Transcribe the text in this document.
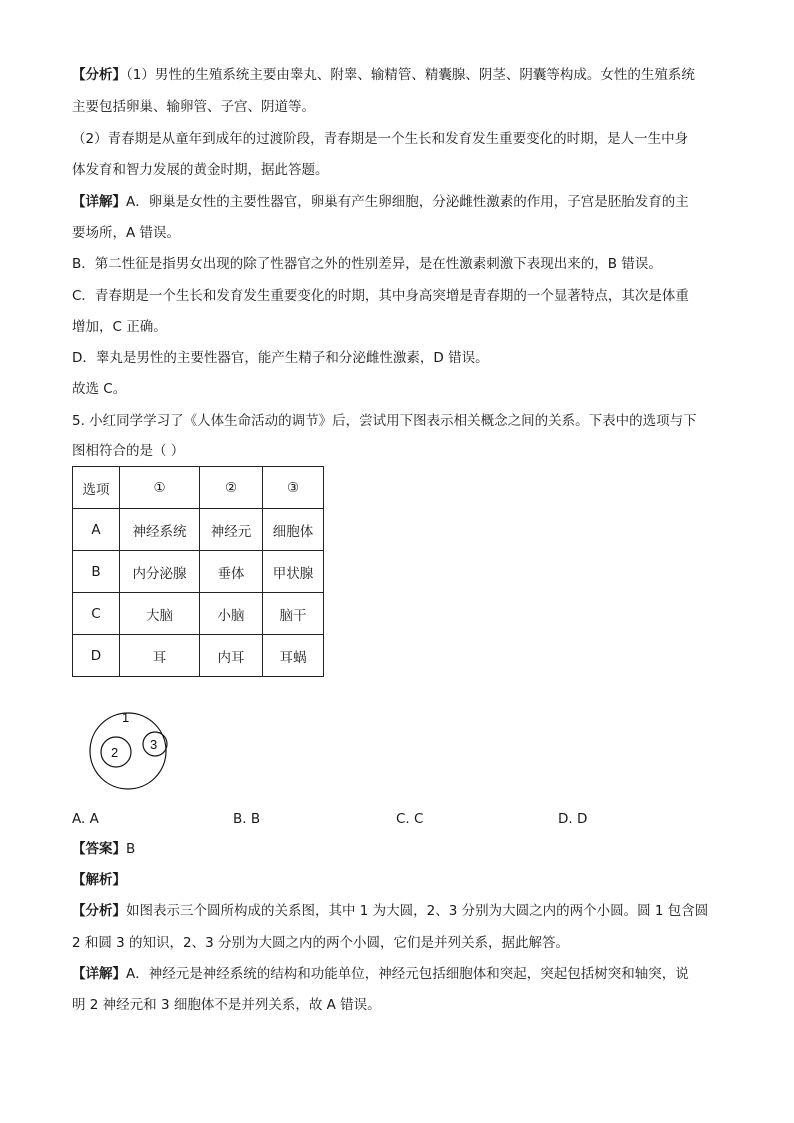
【分析】（1）男性的生殖系统主要由睾丸、附睾、输精管、精囊腺、阴茎、阴囊等构成。女性的生殖系统

主要包括卵巢、输卵管、子宫、阴道等。

（2）青春期是从童年到成年的过渡阶段，青春期是一个生长和发育发生重要变化的时期，是人一生中身

体发育和智力发展的黄金时期，据此答题。

【详解】A．卵巢是女性的主要性器官，卵巢有产生卵细胞，分泌雌性激素的作用，子宫是胚胎发育的主

要场所，A 错误。

B．第二性征是指男女出现的除了性器官之外的性别差异，是在性激素刺激下表现出来的，B 错误。

C．青春期是一个生长和发育发生重要变化的时期，其中身高突增是青春期的一个显著特点，其次是体重

增加，C 正确。

D．睾丸是男性的主要性器官，能产生精子和分泌雌性激素，D 错误。

故选 C。

5. 小红同学学习了《人体生命活动的调节》后，尝试用下图表示相关概念之间的关系。下表中的选项与下

图相符合的是（ ）

选项	①	②	③
A	神经系统	神经元	细胞体
B	内分泌腺	垂体	甲状腺
C	大脑	小脑	脑干
D	耳	内耳	耳蜗
1
2
3
A. A	B. B	C. C	D. D

【答案】B

【解析】

【分析】如图表示三个圆所构成的关系图，其中 1 为大圆，2、3 分别为大圆之内的两个小圆。圆 1 包含圆

2 和圆 3 的知识，2、3 分别为大圆之内的两个小圆，它们是并列关系，据此解答。

【详解】A．神经元是神经系统的结构和功能单位，神经元包括细胞体和突起，突起包括树突和轴突，说

明 2 神经元和 3 细胞体不是并列关系，故 A 错误。
